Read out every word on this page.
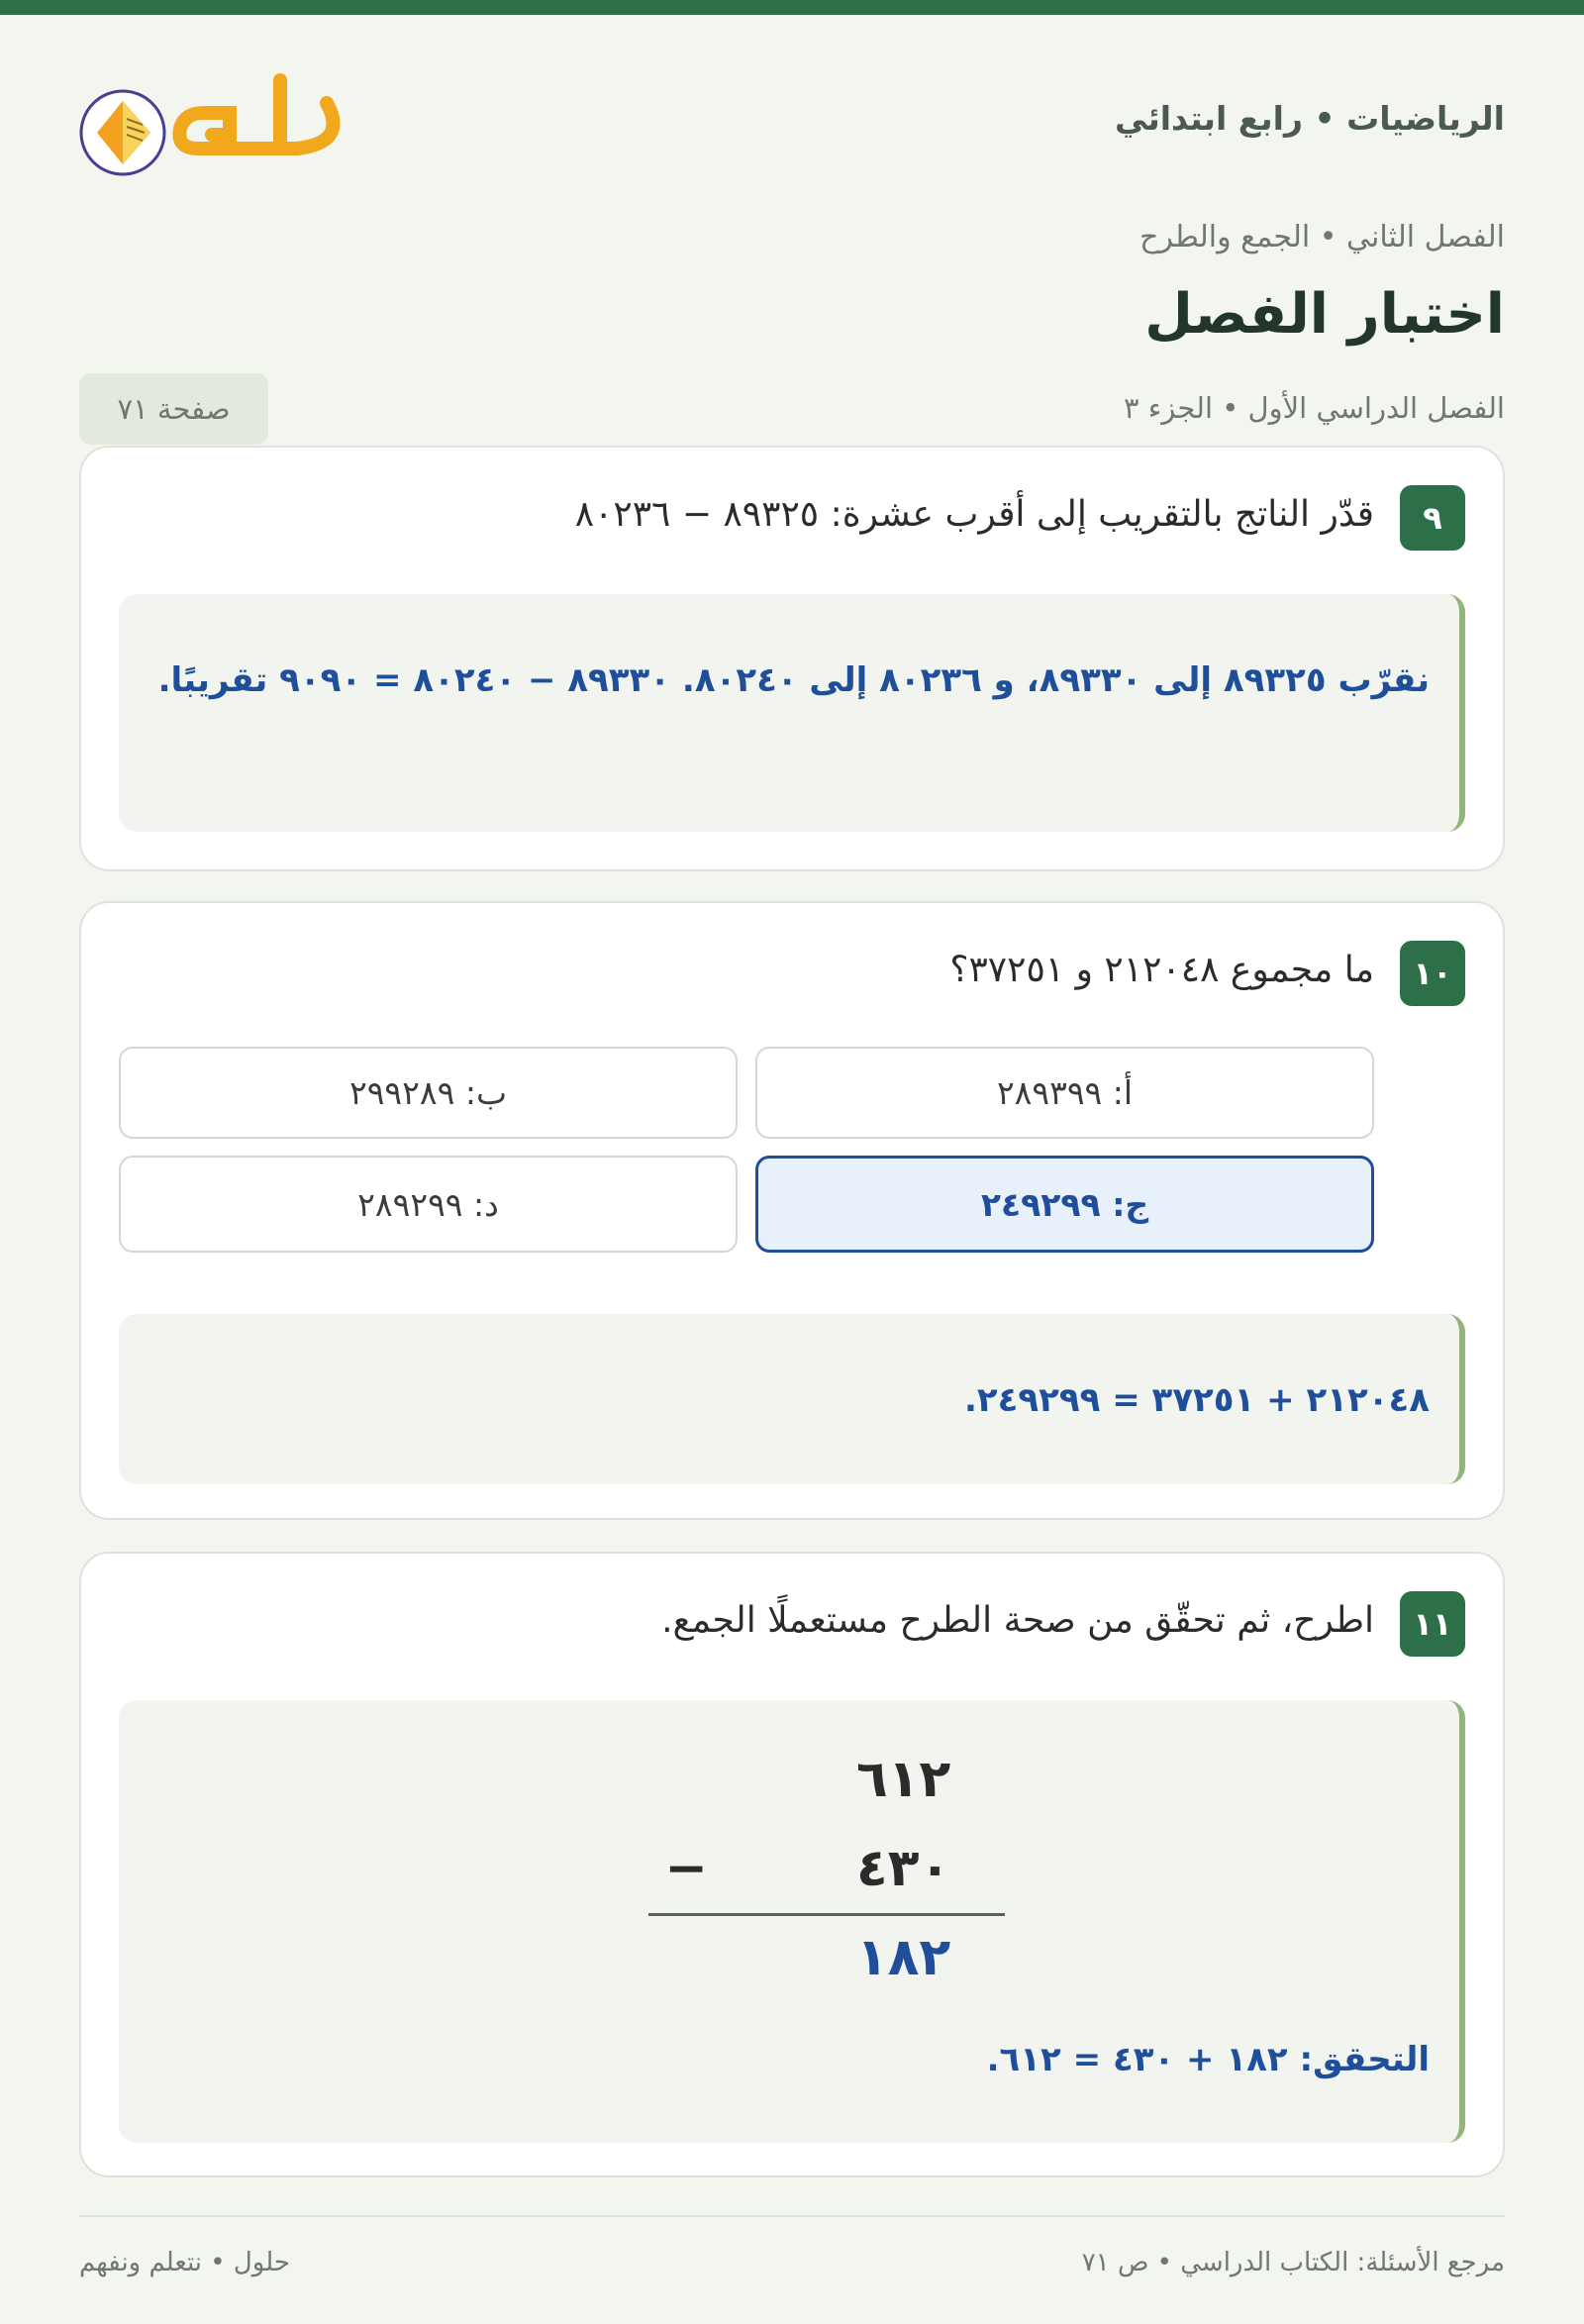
الرياضيات • رابع ابتدائي
الفصل الثاني • الجمع والطرح
اختبار الفصل
الفصل الدراسي الأول • الجزء ٣
صفحة ٧١
٩
قدّر الناتج بالتقريب إلى أقرب عشرة: ٨٩٣٢٥ − ٨٠٢٣٦
نقرّب ٨٩٣٢٥ إلى ٨٩٣٣٠، و ٨٠٢٣٦ إلى ٨٠٢٤٠. ٨٩٣٣٠ − ٨٠٢٤٠ = ٩٠٩٠ تقريبًا.
١٠
ما مجموع ٢١٢٠٤٨ و ٣٧٢٥١؟
أ: ٢٨٩٣٩٩
ب: ٢٩٩٢٨٩
ج: ٢٤٩٢٩٩
د: ٢٨٩٢٩٩
٢١٢٠٤٨ + ٣٧٢٥١ = ٢٤٩٢٩٩.
١١
اطرح، ثم تحقّق من صحة الطرح مستعملًا الجمع.
٦١٢
٤٣٠
−
١٨٢
التحقق: ١٨٢ + ٤٣٠ = ٦١٢.
مرجع الأسئلة: الكتاب الدراسي • ص ٧١
حلول • نتعلم ونفهم
